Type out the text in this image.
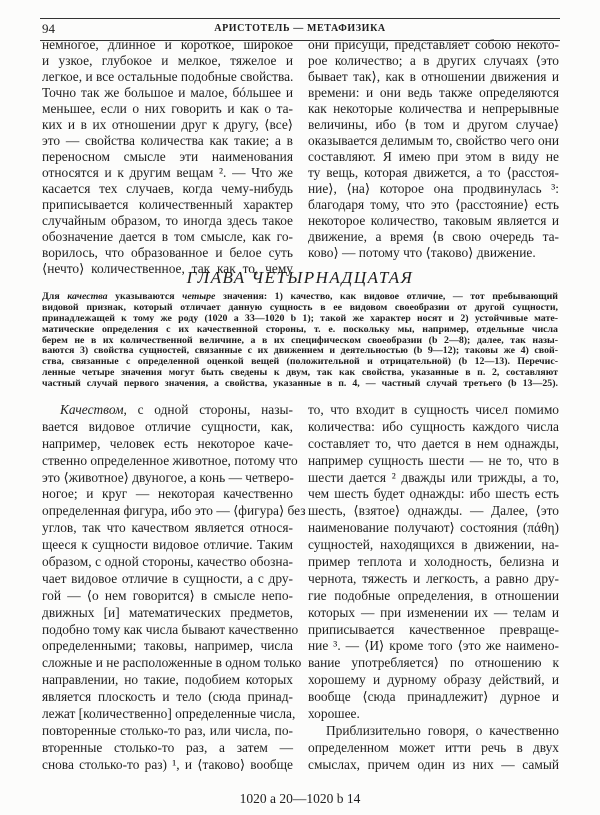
94	АРИСТОТЕЛЬ — МЕТАФИЗИКА
немногое, длинное и короткое, широкое
и узкое, глубокое и мелкое, тяжелое и
легкое, и все остальные подобные свойства.
Точно так же большое и малое, бóльшее и
меньшее, если о них говорить и как о та-
ких и в их отношении друг к другу, ⟨все⟩
это — свойства количества как такие; а в
переносном смысле эти наименования
относятся и к другим вещам ². — Что же
касается тех случаев, когда чему-нибудь
приписывается количественный характер
случайным образом, то иногда здесь такое
обозначение дается в том смысле, как го-
ворилось, что образованное и белое суть
⟨нечто⟩ количественное, так как то, чему
они присущи, представляет собою некото-
рое количество; а в других случаях ⟨это
бывает так⟩, как в отношении движения и
времени: и они ведь также определяются
как некоторые количества и непрерывные
величины, ибо ⟨в том и другом случае⟩
оказывается делимым то, свойство чего они
составляют. Я имею при этом в виду не
ту вещь, которая движется, а то ⟨расстоя-
ние⟩, ⟨на⟩ которое она продвинулась ³:
благодаря тому, что это ⟨расстояние⟩ есть
некоторое количество, таковым является и
движение, а время ⟨в свою очередь та-
ково⟩ — потому что ⟨таково⟩ движение.
ГЛАВА ЧЕТЫРНАДЦАТАЯ
Для качества указываются четыре значения: 1) качество, как видовое отличие, — тот пребывающий
видовой признак, который отличает данную сущность в ее видовом своеобразии от другой сущности,
принадлежащей к тому же роду (1020 a 33—1020 b 1); такой же характер носят и 2) устойчивые мате-
матические определения с их качественной стороны, т. е. поскольку мы, например, отдельные числа
берем не в их количественной величине, а в их специфическом своеобразии (b 2—8); далее, так назы-
ваются 3) свойства сущностей, связанные с их движением и деятельностью (b 9—12); таковы же 4) свой-
ства, связанные с определенной оценкой вещей (положительной и отрицательной) (b 12—13). Перечис-
ленные четыре значения могут быть сведены к двум, так как свойства, указанные в п. 2, составляют
частный случай первого значения, а свойства, указанные в п. 4, — частный случай третьего (b 13—25).
Качеством, с одной стороны, назы-
вается видовое отличие сущности, как,
например, человек есть некоторое каче-
ственно определенное животное, потому что
это ⟨животное⟩ двуногое, а конь — четверо-
ногое; и круг — некоторая качественно
определенная фигура, ибо это — ⟨фигура⟩ без
углов, так что качеством является относя-
щееся к сущности видовое отличие. Таким
образом, с одной стороны, качество обозна-
чает видовое отличие в сущности, а с дру-
гой — ⟨о нем говорится⟩ в смысле непо-
движных [и] математических предметов,
подобно тому как числа бывают качественно
определенными; таковы, например, числа
сложные и не расположенные в одном только
направлении, но такие, подобием которых
является плоскость и тело (сюда принад-
лежат [количественно] определенные числа,
повторенные столько-то раз, или числа, по-
вторенные столько-то раз, а затем —
снова столько-то раз) ¹, и ⟨таково⟩ вообще
то, что входит в сущность чисел помимо
количества: ибо сущность каждого числа
составляет то, что дается в нем однажды,
например сущность шести — не то, что в
шести дается ² дважды или трижды, а то,
чем шесть будет однажды: ибо шесть есть
шесть, ⟨взятое⟩ однажды. — Далее, ⟨это
наименование получают⟩ состояния (πάθη)
сущностей, находящихся в движении, на-
пример теплота и холодность, белизна и
чернота, тяжесть и легкость, а равно дру-
гие подобные определения, в отношении
которых — при изменении их — телам и
приписывается качественное превраще-
ние ³. — ⟨И⟩ кроме того ⟨это же наимено-
вание употребляется⟩ по отношению к
хорошему и дурному образу действий, и
вообще ⟨сюда принадлежит⟩ дурное и
хорошее.
Приблизительно говоря, о качественно
определенном может итти речь в двух
смыслах, причем один из них — самый
1020 a 20—1020 b 14
